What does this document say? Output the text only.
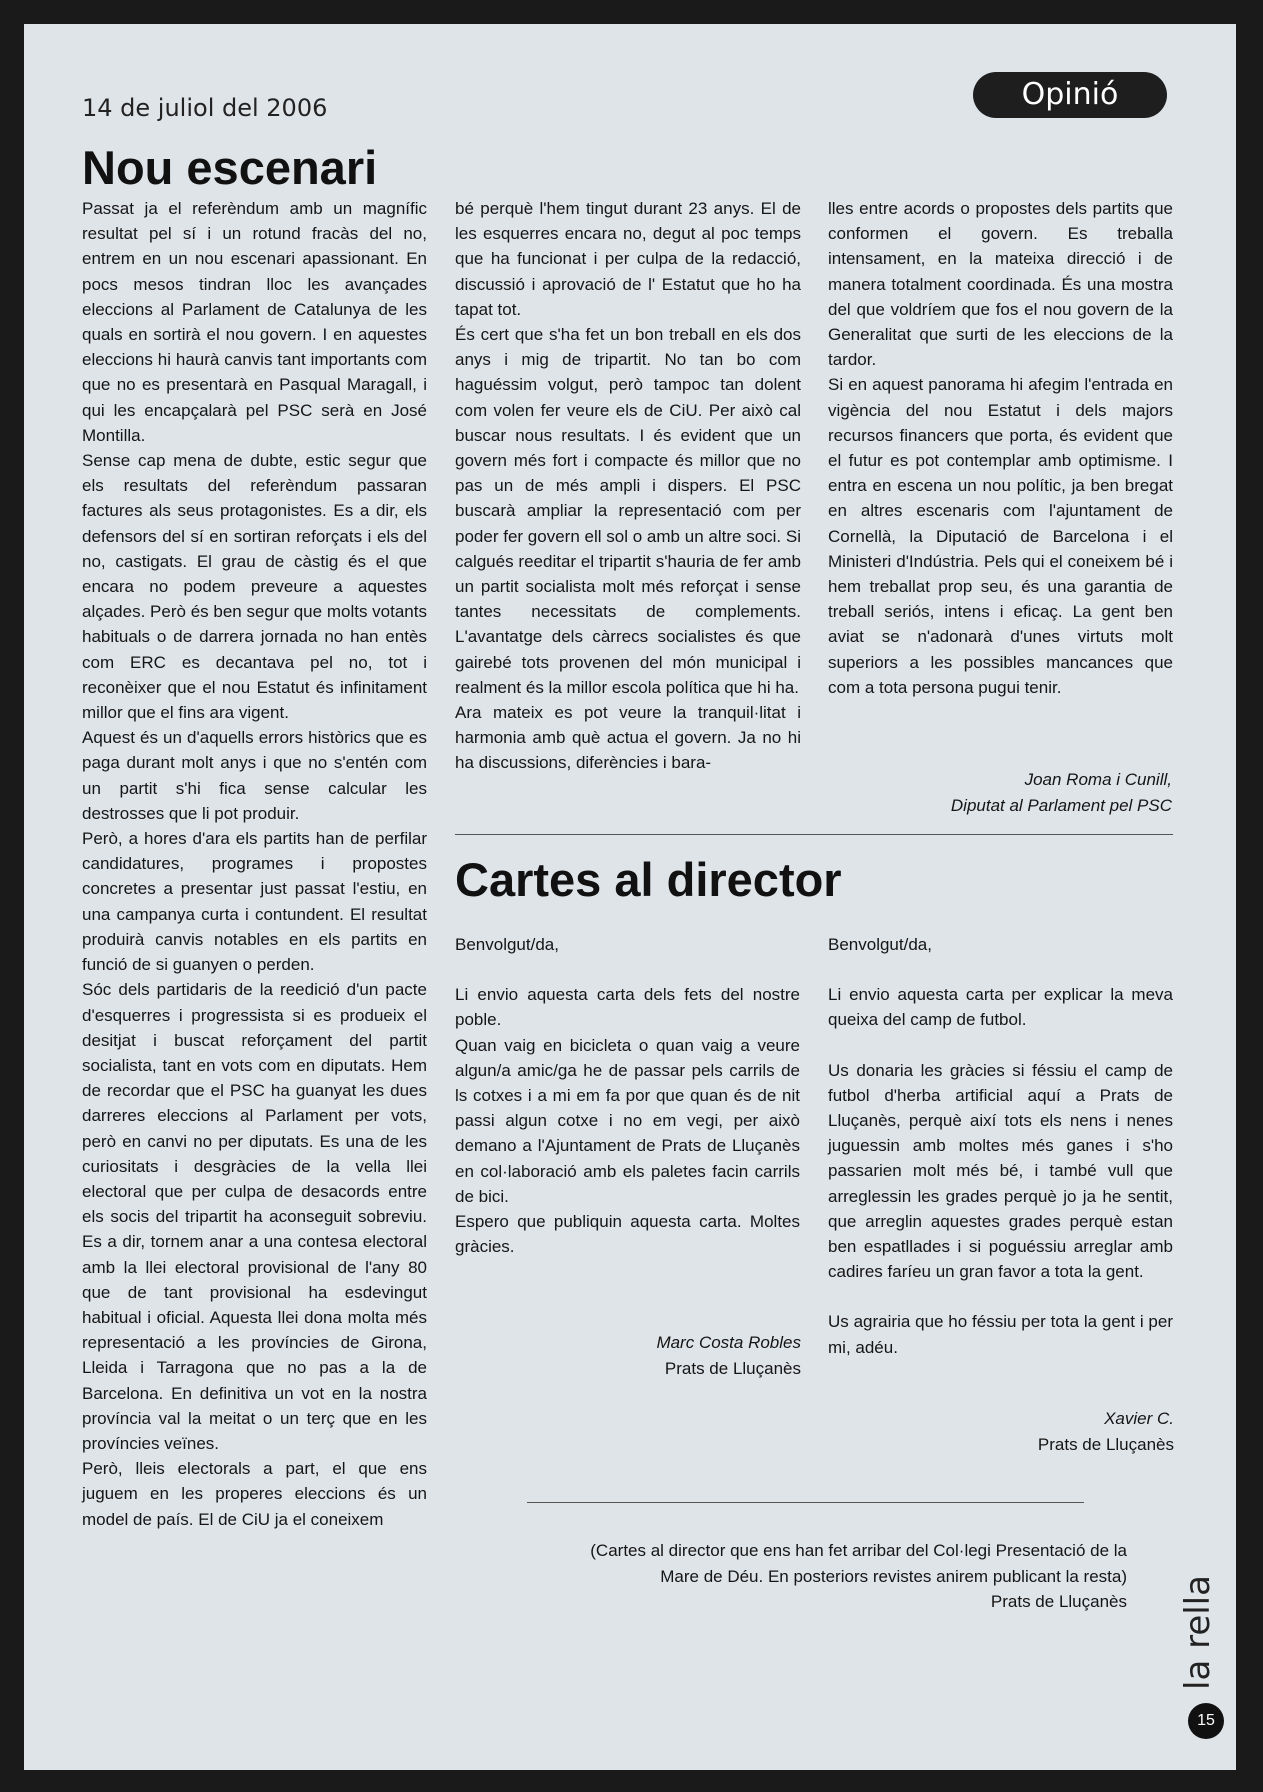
14 de juliol del 2006	Opinió
Nou escenari

Passat ja el referèndum amb un magnífic resultat pel sí i un rotund fracàs del no, entrem en un nou escenari apassionant. En pocs mesos tindran lloc les avançades eleccions al Parlament de Catalunya de les quals en sortirà el nou govern. I en aquestes eleccions hi haurà canvis tant importants com que no es presentarà en Pasqual Maragall, i qui les encapçalarà pel PSC serà en José Montilla.

Sense cap mena de dubte, estic segur que els resultats del referèndum passaran factures als seus protagonistes. Es a dir, els defensors del sí en sortiran reforçats i els del no, castigats. El grau de càstig és el que encara no podem preveure a aquestes alçades. Però és ben segur que molts votants habituals o de darrera jornada no han entès com ERC es decantava pel no, tot i reconèixer que el nou Estatut és infinitament millor que el fins ara vigent.

Aquest és un d'aquells errors històrics que es paga durant molt anys i que no s'entén com un partit s'hi fica sense calcular les destrosses que li pot produir.

Però, a hores d'ara els partits han de perfilar candidatures, programes i propostes concretes a presentar just passat l'estiu, en una campanya curta i contundent. El resultat produirà canvis notables en els partits en funció de si guanyen o perden.

Sóc dels partidaris de la reedició d'un pacte d'esquerres i progressista si es produeix el desitjat i buscat reforçament del partit socialista, tant en vots com en diputats. Hem de recordar que el PSC ha guanyat les dues darreres eleccions al Parlament per vots, però en canvi no per diputats. Es una de les curiositats i desgràcies de la vella llei electoral que per culpa de desacords entre els socis del tripartit ha aconseguit sobreviu. Es a dir, tornem anar a una contesa electoral amb la llei electoral provisional de l'any 80 que de tant provisional ha esdevingut habitual i oficial. Aquesta llei dona molta més representació a les províncies de Girona, Lleida i Tarragona que no pas a la de Barcelona. En definitiva un vot en la nostra província val la meitat o un terç que en les províncies veïnes.

Però, lleis electorals a part, el que ens juguem en les properes eleccions és un model de país. El de CiU ja el coneixem

bé perquè l'hem tingut durant 23 anys. El de les esquerres encara no, degut al poc temps que ha funcionat i per culpa de la redacció, discussió i aprovació de l' Estatut que ho ha tapat tot.

És cert que s'ha fet un bon treball en els dos anys i mig de tripartit. No tan bo com haguéssim volgut, però tampoc tan dolent com volen fer veure els de CiU. Per això cal buscar nous resultats. I és evident que un govern més fort i compacte és millor que no pas un de més ampli i dispers. El PSC buscarà ampliar la representació com per poder fer govern ell sol o amb un altre soci. Si calgués reeditar el tripartit s'hauria de fer amb un partit socialista molt més reforçat i sense tantes necessitats de complements. L'avantatge dels càrrecs socialistes és que gairebé tots provenen del món municipal i realment és la millor escola política que hi ha.

Ara mateix es pot veure la tranquil·litat i harmonia amb què actua el govern. Ja no hi ha discussions, diferències i bara-

lles entre acords o propostes dels partits que conformen el govern. Es treballa intensament, en la mateixa direcció i de manera totalment coordinada. És una mostra del que voldríem que fos el nou govern de la Generalitat que surti de les eleccions de la tardor.

Si en aquest panorama hi afegim l'entrada en vigència del nou Estatut i dels majors recursos financers que porta, és evident que el futur es pot contemplar amb optimisme. I entra en escena un nou polític, ja ben bregat en altres escenaris com l'ajuntament de Cornellà, la Diputació de Barcelona i el Ministeri d'Indústria. Pels qui el coneixem bé i hem treballat prop seu, és una garantia de treball seriós, intens i eficaç. La gent ben aviat se n'adonarà d'unes virtuts molt superiors a les possibles mancances que com a tota persona pugui tenir.

Joan Roma i Cunill,
Diputat al Parlament pel PSC
Cartes al director

Benvolgut/da,

Li envio aquesta carta dels fets del nostre poble.

Quan vaig en bicicleta o quan vaig a veure algun/a amic/ga he de passar pels carrils de ls cotxes i a mi em fa por que quan és de nit passi algun cotxe i no em vegi, per això demano a l'Ajuntament de Prats de Lluçanès en col·laboració amb els paletes facin carrils de bici.

Espero que publiquin aquesta carta. Moltes gràcies.

Marc Costa Robles
Prats de Lluçanès

Benvolgut/da,

Li envio aquesta carta per explicar la meva queixa del camp de futbol.

Us donaria les gràcies si féssiu el camp de futbol d'herba artificial aquí a Prats de Lluçanès, perquè així tots els nens i nenes juguessin amb moltes més ganes i s'ho passarien molt més bé, i també vull que arreglessin les grades perquè jo ja he sentit, que arreglin aquestes grades perquè estan ben espatllades i si poguéssiu arreglar amb cadires faríeu un gran favor a tota la gent.

Us agrairia que ho féssiu per tota la gent i per mi, adéu.

Xavier C.
Prats de Lluçanès
(Cartes al director que ens han fet arribar del Col·legi Presentació de la
Mare de Déu. En posteriors revistes anirem publicant la resta)
Prats de Lluçanès la rella
15
